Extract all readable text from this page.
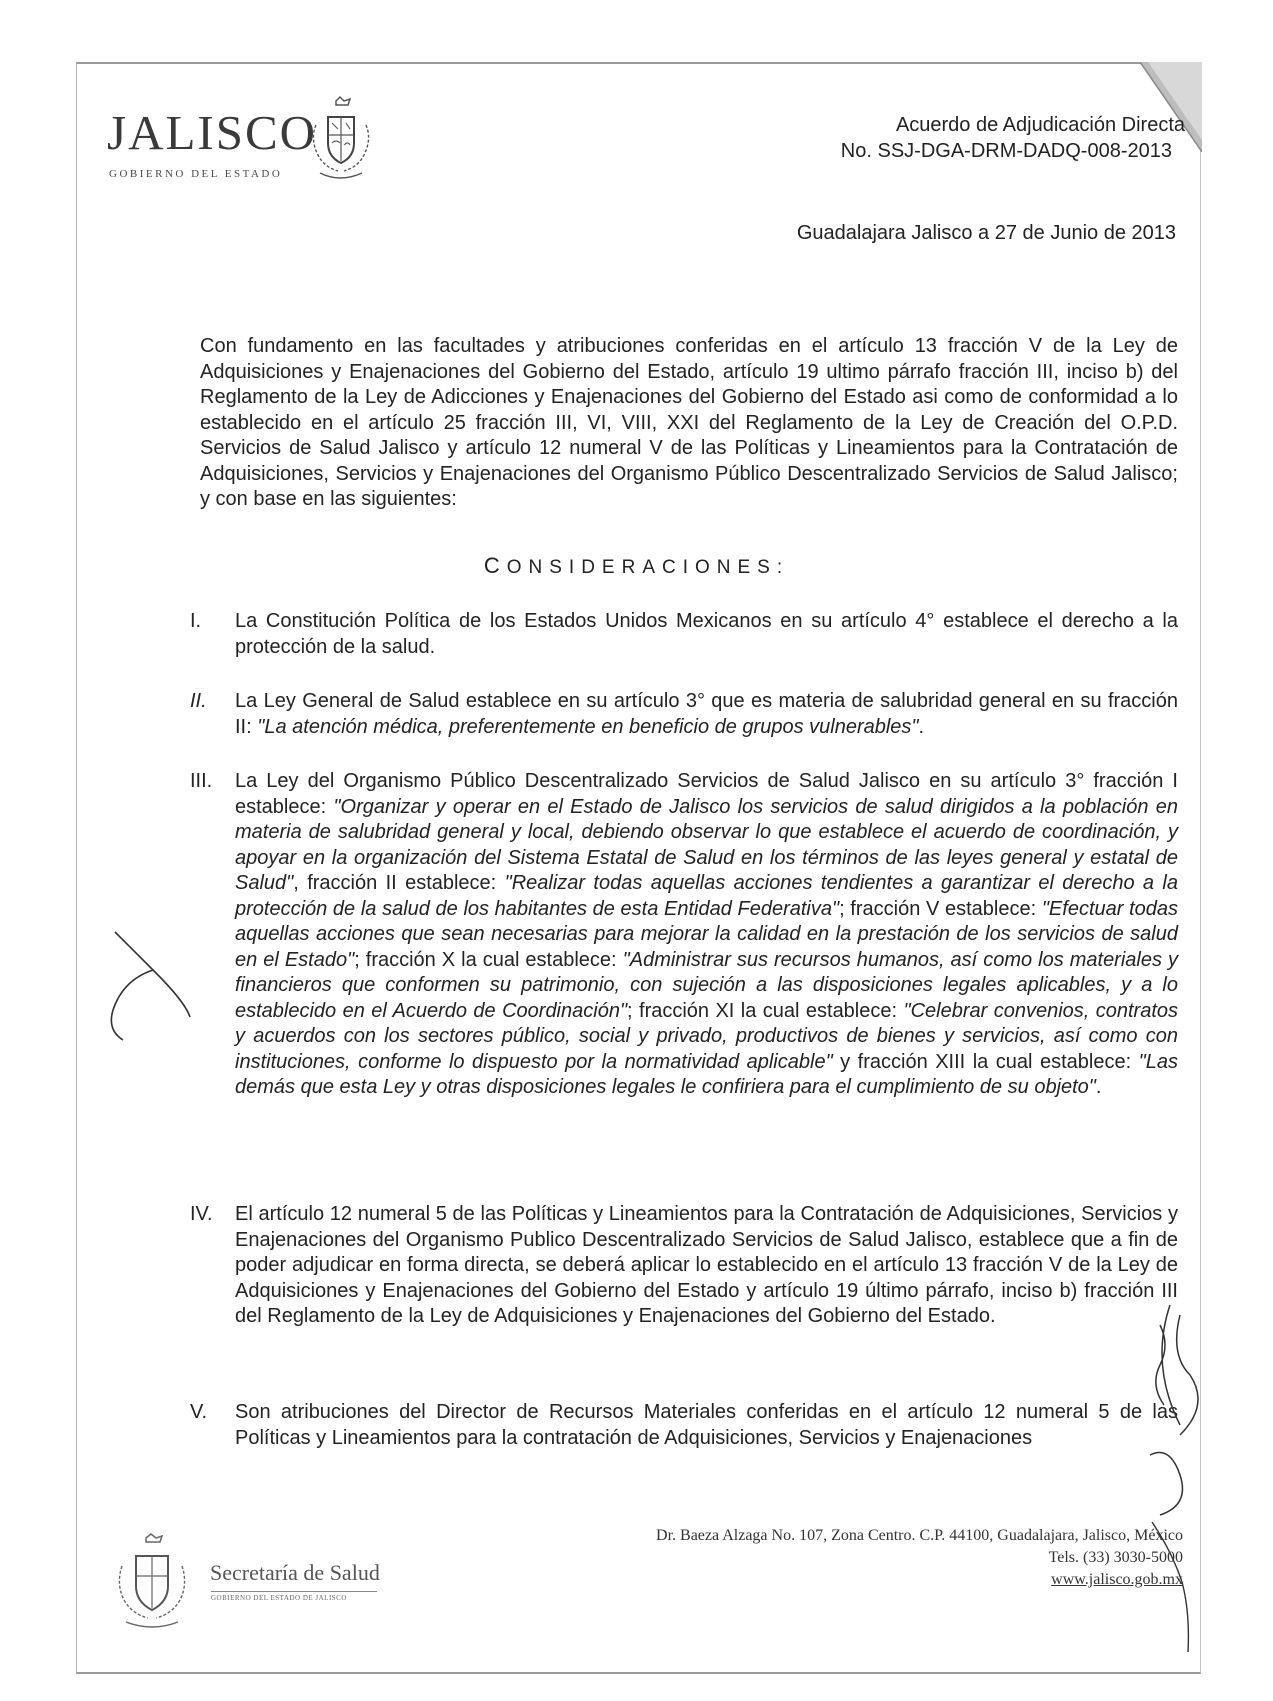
JALISCO
GOBIERNO DEL ESTADO
Acuerdo de Adjudicación Directa
No. SSJ-DGA-DRM-DADQ-008-2013
Guadalajara Jalisco a 27 de Junio de 2013

Con fundamento en las facultades y atribuciones conferidas en el artículo 13 fracción V de la Ley de Adquisiciones y Enajenaciones del Gobierno del Estado, artículo 19 ultimo párrafo fracción III, inciso b) del Reglamento de la Ley de Adicciones y Enajenaciones del Gobierno del Estado asi como de conformidad a lo establecido en el artículo 25 fracción III, VI, VIII, XXI del Reglamento de la Ley de Creación del O.P.D. Servicios de Salud Jalisco y artículo 12 numeral V de las Políticas y Lineamientos para la Contratación de Adquisiciones, Servicios y Enajenaciones del Organismo Público Descentralizado Servicios de Salud Jalisco; y con base en las siguientes:

CONSIDERACIONES:
I.	La Constitución Política de los Estados Unidos Mexicanos en su artículo 4° establece el derecho a la protección de la salud.
II.	La Ley General de Salud establece en su artículo 3° que es materia de salubridad general en su fracción II: "La atención médica, preferentemente en beneficio de grupos vulnerables".
III.	La Ley del Organismo Público Descentralizado Servicios de Salud Jalisco en su artículo 3° fracción I establece: "Organizar y operar en el Estado de Jalisco los servicios de salud dirigidos a la población en materia de salubridad general y local, debiendo observar lo que establece el acuerdo de coordinación, y apoyar en la organización del Sistema Estatal de Salud en los términos de las leyes general y estatal de Salud", fracción II establece: "Realizar todas aquellas acciones tendientes a garantizar el derecho a la protección de la salud de los habitantes de esta Entidad Federativa"; fracción V establece: "Efectuar todas aquellas acciones que sean necesarias para mejorar la calidad en la prestación de los servicios de salud en el Estado"; fracción X la cual establece: "Administrar sus recursos humanos, así como los materiales y financieros que conformen su patrimonio, con sujeción a las disposiciones legales aplicables, y a lo establecido en el Acuerdo de Coordinación"; fracción XI la cual establece: "Celebrar convenios, contratos y acuerdos con los sectores público, social y privado, productivos de bienes y servicios, así como con instituciones, conforme lo dispuesto por la normatividad aplicable" y fracción XIII la cual establece: "Las demás que esta Ley y otras disposiciones legales le confiriera para el cumplimiento de su objeto".
IV.	El artículo 12 numeral 5 de las Políticas y Lineamientos para la Contratación de Adquisiciones, Servicios y Enajenaciones del Organismo Publico Descentralizado Servicios de Salud Jalisco, establece que a fin de poder adjudicar en forma directa, se deberá aplicar lo establecido en el artículo 13 fracción V de la Ley de Adquisiciones y Enajenaciones del Gobierno del Estado y artículo 19 último párrafo, inciso b) fracción III del Reglamento de la Ley de Adquisiciones y Enajenaciones del Gobierno del Estado.
V.	Son atribuciones del Director de Recursos Materiales conferidas en el artículo 12 numeral 5 de las Políticas y Lineamientos para la contratación de Adquisiciones, Servicios y Enajenaciones
Dr. Baeza Alzaga No. 107, Zona Centro. C.P. 44100, Guadalajara, Jalisco, México
Tels. (33) 3030-5000
www.jalisco.gob.mx
Secretaría de Salud
GOBIERNO DEL ESTADO DE JALISCO
